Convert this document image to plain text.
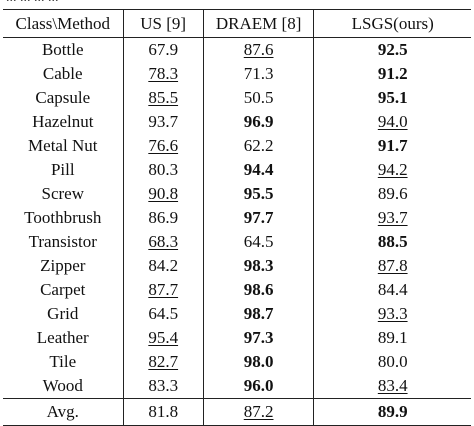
Class\Method	US [9]	DRAEM [8]	LSGS(ours)
Bottle	67.9	87.6	92.5
Cable	78.3	71.3	91.2
Capsule	85.5	50.5	95.1
Hazelnut	93.7	96.9	94.0
Metal Nut	76.6	62.2	91.7
Pill	80.3	94.4	94.2
Screw	90.8	95.5	89.6
Toothbrush	86.9	97.7	93.7
Transistor	68.3	64.5	88.5
Zipper	84.2	98.3	87.8
Carpet	87.7	98.6	84.4
Grid	64.5	98.7	93.3
Leather	95.4	97.3	89.1
Tile	82.7	98.0	80.0
Wood	83.3	96.0	83.4
Avg.	81.8	87.2	89.9
